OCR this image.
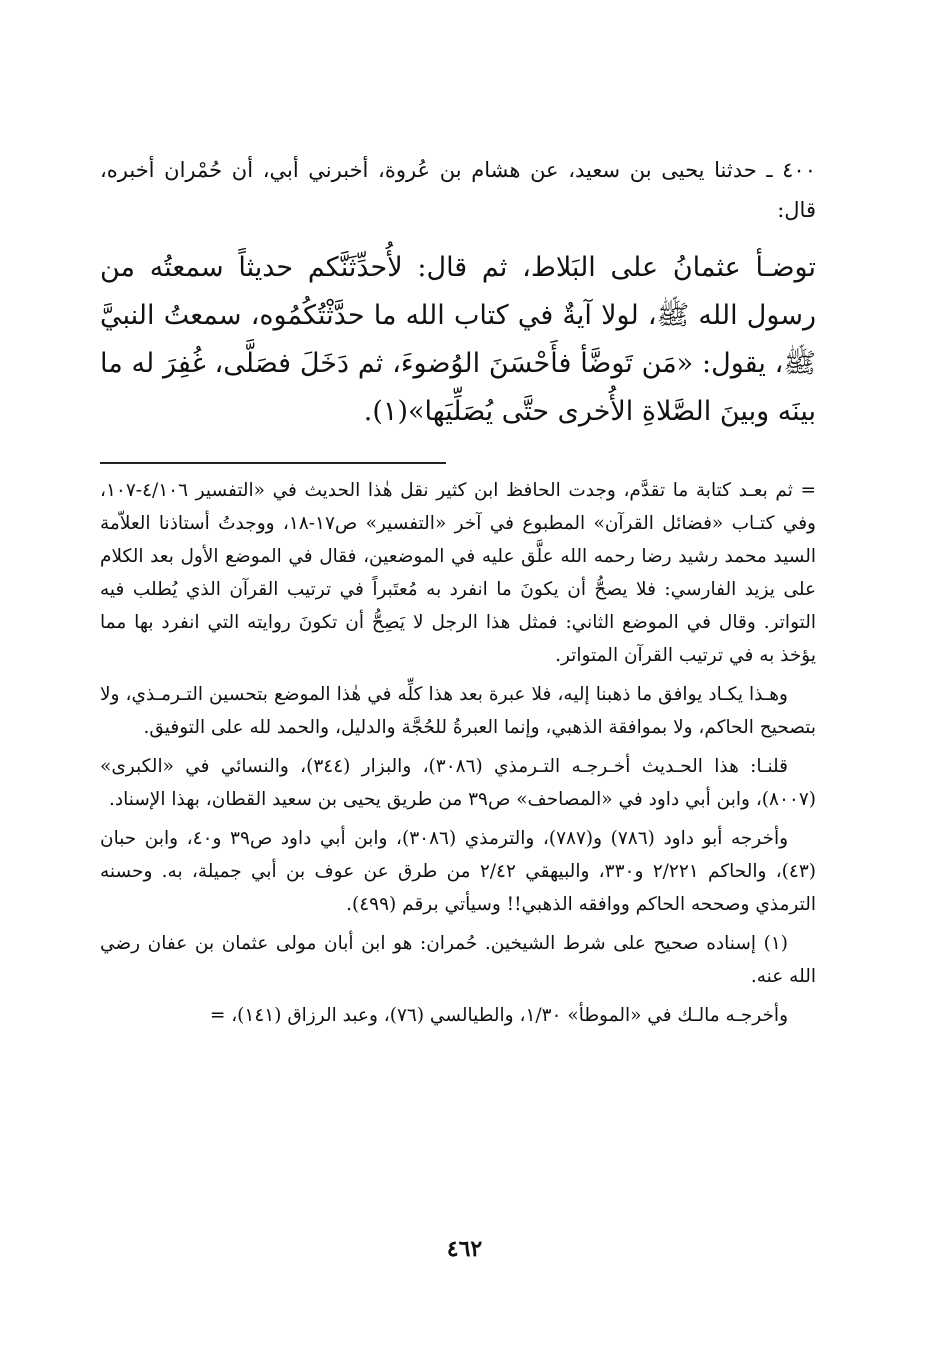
٤٠٠ ـ حدثنا يحيى بن سعيد، عن هشام بن عُروة، أخبرني أبي، أن حُمْران أخبره، قال:

توضـأ عثمانُ على البَلاط، ثم قال: لأُحدِّثَنَّكم حديثاً سمعتُه من رسول الله ﷺ، لولا آيةٌ في كتاب الله ما حدَّثْتُكُمُوه، سمعتُ النبيَّ ﷺ، يقول: «مَن تَوضَّأ فأَحْسَنَ الوُضوءَ، ثم دَخَلَ فصَلَّى، غُفِرَ له ما بينَه وبينَ الصَّلاةِ الأُخرى حتَّى يُصَلِّيَها»(١).

= ثم بعـد كتابة ما تقدَّم، وجدت الحافظ ابن كثير نقل هٰذا الحديث في «التفسير ٤/١٠٦-١٠٧، وفي كتـاب «فضائل القرآن» المطبوع في آخر «التفسير» ص١٧-١٨، ووجدتُ أستاذنا العلاّمة السيد محمد رشيد رضا رحمه الله علَّق عليه في الموضعين، فقال في الموضع الأول بعد الكلام على يزيد الفارسي: فلا يصحُّ أن يكونَ ما انفرد به مُعتَبراً في ترتيب القرآن الذي يُطلب فيه التواتر. وقال في الموضع الثاني: فمثل هذا الرجل لا يَصِحُّ أن تكونَ روايته التي انفرد بها مما يؤخذ به في ترتيب القرآن المتواتر.

وهـذا يكـاد يوافق ما ذهبنا إليه، فلا عبرة بعد هذا كلِّه في هٰذا الموضع بتحسين التـرمـذي، ولا بتصحيح الحاكم، ولا بموافقة الذهبي، وإنما العبرةُ للحُجَّة والدليل، والحمد لله على التوفيق.

قلنـا: هذا الحـديث أخـرجـه التـرمذي (٣٠٨٦)، والبزار (٣٤٤)، والنسائي في «الكبرى» (٨٠٠٧)، وابن أبي داود في «المصاحف» ص٣٩ من طريق يحيى بن سعيد القطان، بهذا الإسناد.

وأخرجه أبو داود (٧٨٦) و(٧٨٧)، والترمذي (٣٠٨٦)، وابن أبي داود ص٣٩ و٤٠، وابن حبان (٤٣)، والحاكم ٢/٢٢١ و٣٣٠، والبيهقي ٢/٤٢ من طرق عن عوف بن أبي جميلة، به. وحسنه الترمذي وصححه الحاكم ووافقه الذهبي!! وسيأتي برقم (٤٩٩).

(١) إسناده صحيح على شرط الشيخين. حُمران: هو ابن أبان مولى عثمان بن عفان رضي الله عنه.

وأخرجـه مالـك في «الموطأ» ١/٣٠، والطيالسي (٧٦)، وعبد الرزاق (١٤١)، =

٤٦٢
